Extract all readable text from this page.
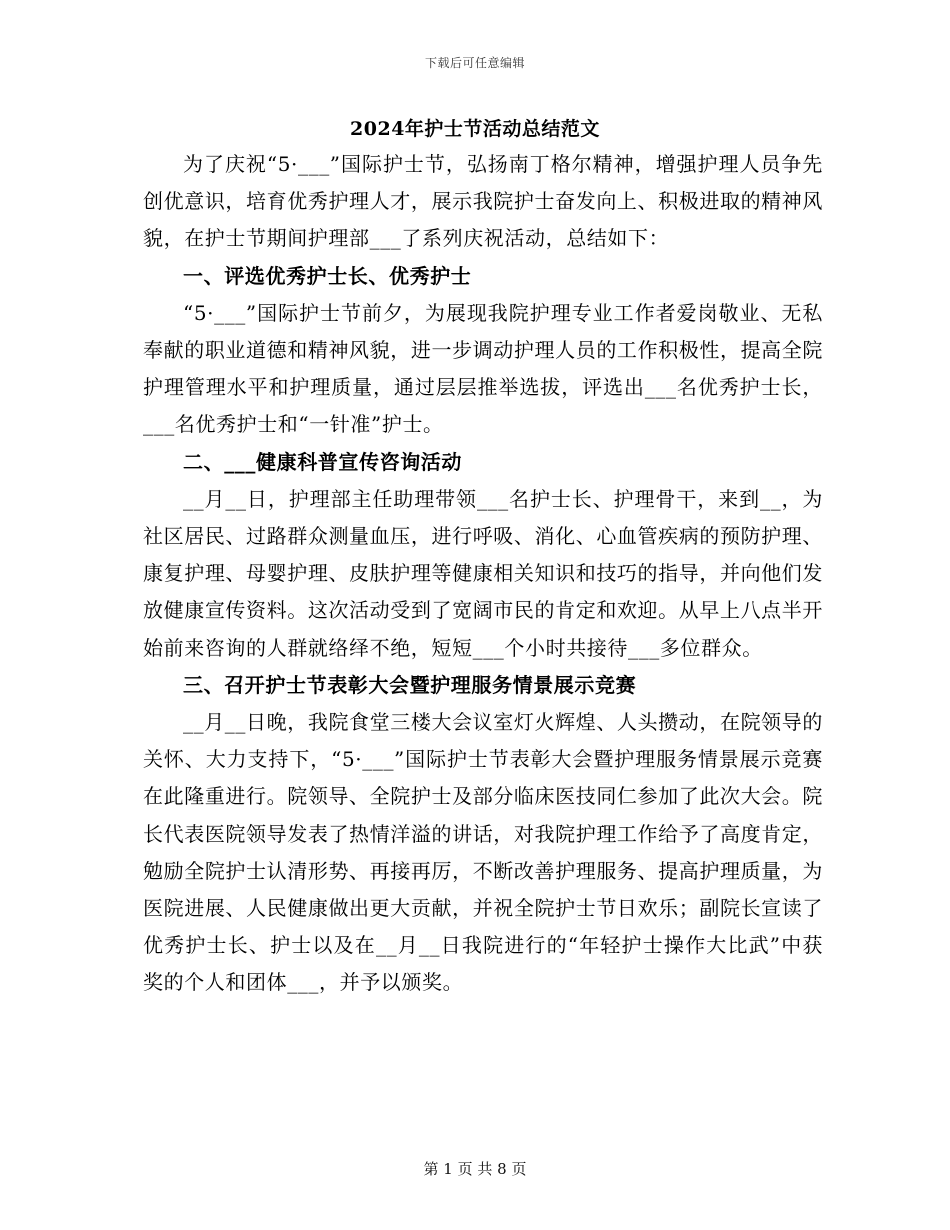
下载后可任意编辑
2024年护士节活动总结范文

为了庆祝“5·___”国际护士节，弘扬南丁格尔精神，增强护理人员争先创优意识，培育优秀护理人才，展示我院护士奋发向上、积极进取的精神风貌，在护士节期间护理部___了系列庆祝活动，总结如下：

一、评选优秀护士长、优秀护士

“5·___”国际护士节前夕，为展现我院护理专业工作者爱岗敬业、无私奉献的职业道德和精神风貌，进一步调动护理人员的工作积极性，提高全院护理管理水平和护理质量，通过层层推举选拔，评选出___名优秀护士长，___名优秀护士和“一针准”护士。

二、___健康科普宣传咨询活动

__月__日，护理部主任助理带领___名护士长、护理骨干，来到__，为社区居民、过路群众测量血压，进行呼吸、消化、心血管疾病的预防护理、康复护理、母婴护理、皮肤护理等健康相关知识和技巧的指导，并向他们发放健康宣传资料。这次活动受到了宽阔市民的肯定和欢迎。从早上八点半开始前来咨询的人群就络绎不绝，短短___个小时共接待___多位群众。

三、召开护士节表彰大会暨护理服务情景展示竞赛

__月__日晚，我院食堂三楼大会议室灯火辉煌、人头攒动，在院领导的关怀、大力支持下，“5·___”国际护士节表彰大会暨护理服务情景展示竞赛在此隆重进行。院领导、全院护士及部分临床医技同仁参加了此次大会。院长代表医院领导发表了热情洋溢的讲话，对我院护理工作给予了高度肯定，勉励全院护士认清形势、再接再厉，不断改善护理服务、提高护理质量，为医院进展、人民健康做出更大贡献，并祝全院护士节日欢乐；副院长宣读了优秀护士长、护士以及在__月__日我院进行的“年轻护士操作大比武”中获奖的个人和团体___，并予以颁奖。

第 1 页 共 8 页
